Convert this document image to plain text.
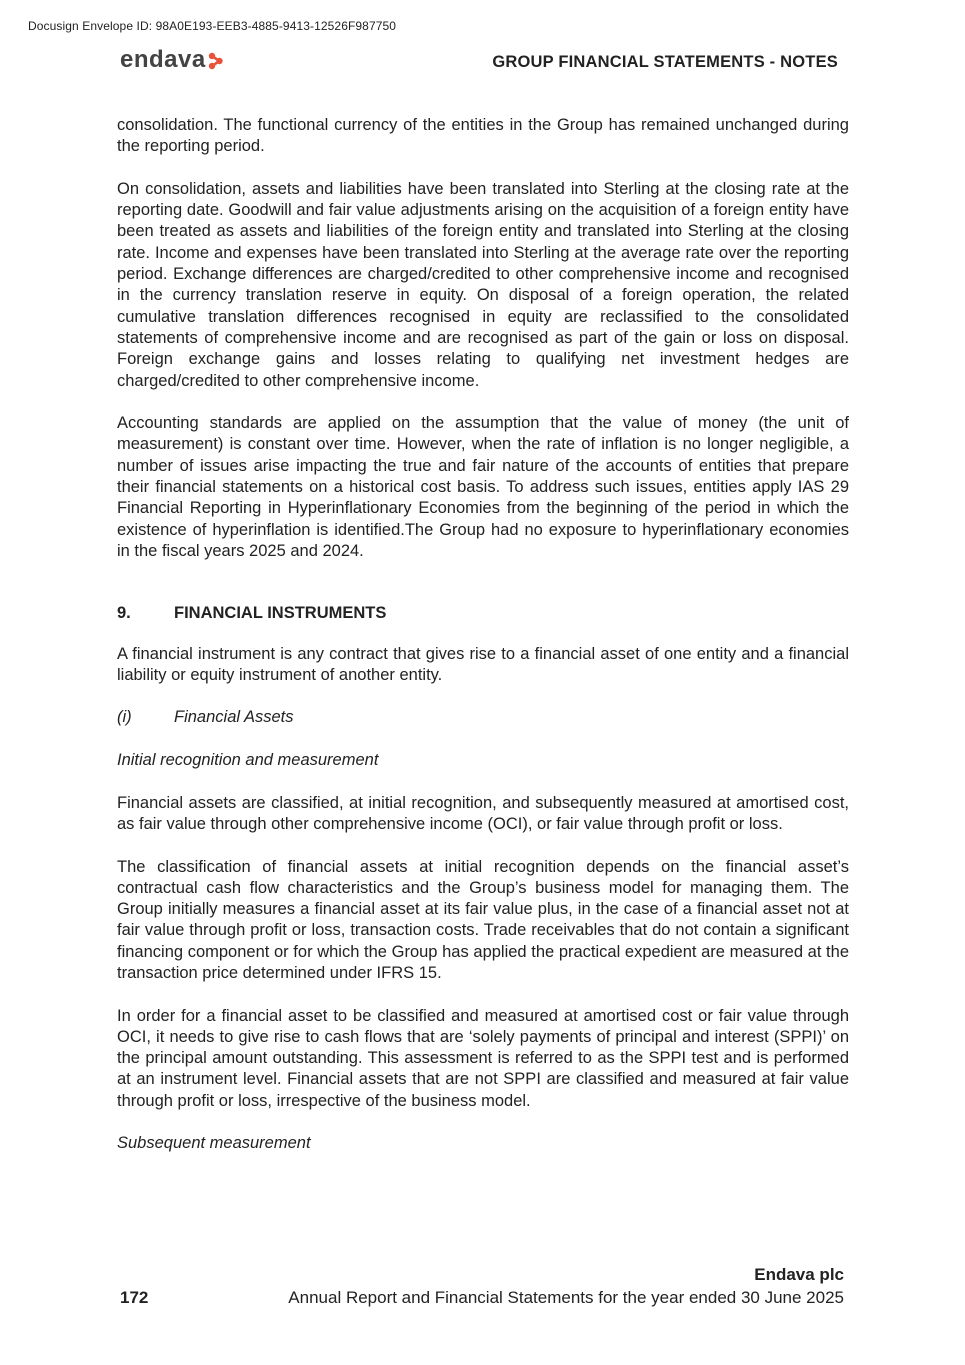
Docusign Envelope ID: 98A0E193-EEB3-4885-9413-12526F987750
endava	GROUP FINANCIAL STATEMENTS - NOTES

consolidation. The functional currency of the entities in the Group has remained unchanged during the reporting period.

On consolidation, assets and liabilities have been translated into Sterling at the closing rate at the reporting date. Goodwill and fair value adjustments arising on the acquisition of a foreign entity have been treated as assets and liabilities of the foreign entity and translated into Sterling at the closing rate. Income and expenses have been translated into Sterling at the average rate over the reporting period. Exchange differences are charged/credited to other comprehensive income and recognised in the currency translation reserve in equity. On disposal of a foreign operation, the related cumulative translation differences recognised in equity are reclassified to the consolidated statements of comprehensive income and are recognised as part of the gain or loss on disposal. Foreign exchange gains and losses relating to qualifying net investment hedges are charged/credited to other comprehensive income.

Accounting standards are applied on the assumption that the value of money (the unit of measurement) is constant over time. However, when the rate of inflation is no longer negligible, a number of issues arise impacting the true and fair nature of the accounts of entities that prepare their financial statements on a historical cost basis. To address such issues, entities apply IAS 29 Financial Reporting in Hyperinflationary Economies from the beginning of the period in which the existence of hyperinflation is identified.The Group had no exposure to hyperinflationary economies in the fiscal years 2025 and 2024.

9.	FINANCIAL INSTRUMENTS

A financial instrument is any contract that gives rise to a financial asset of one entity and a financial liability or equity instrument of another entity.

(i)	Financial Assets

Initial recognition and measurement

Financial assets are classified, at initial recognition, and subsequently measured at amortised cost, as fair value through other comprehensive income (OCI), or fair value through profit or loss.

The classification of financial assets at initial recognition depends on the financial asset’s contractual cash flow characteristics and the Group’s business model for managing them. The Group initially measures a financial asset at its fair value plus, in the case of a financial asset not at fair value through profit or loss, transaction costs. Trade receivables that do not contain a significant financing component or for which the Group has applied the practical expedient are measured at the transaction price determined under IFRS 15.

In order for a financial asset to be classified and measured at amortised cost or fair value through OCI, it needs to give rise to cash flows that are ‘solely payments of principal and interest (SPPI)’ on the principal amount outstanding. This assessment is referred to as the SPPI test and is performed at an instrument level. Financial assets that are not SPPI are classified and measured at fair value through profit or loss, irrespective of the business model.

Subsequent measurement

Endava plc
172	Annual Report and Financial Statements for the year ended 30 June 2025
